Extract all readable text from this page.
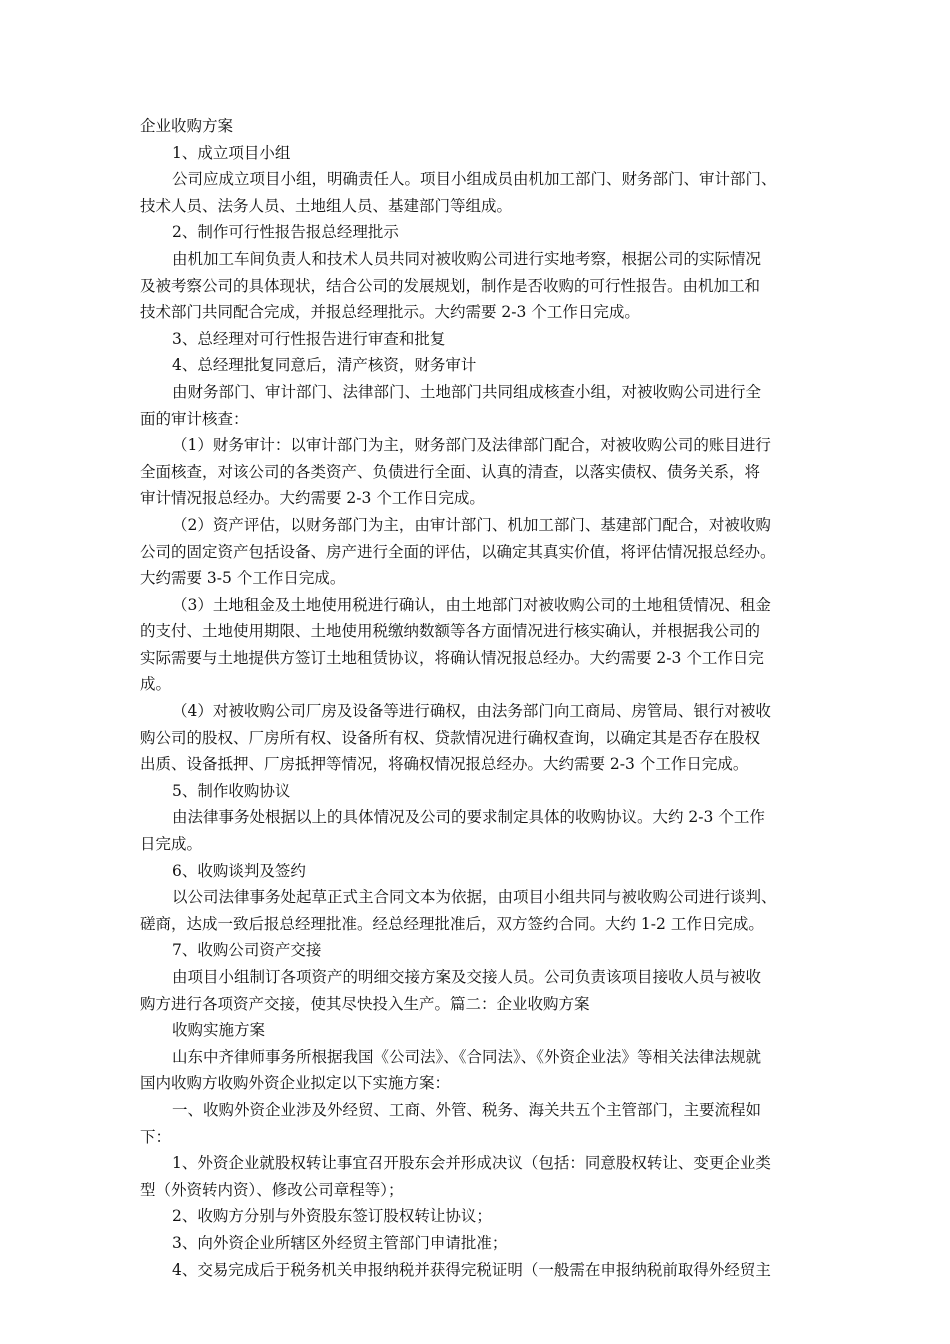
企业收购方案
1、成立项目小组
公司应成立项目小组，明确责任人。项目小组成员由机加工部门、财务部门、审计部门、
技术人员、法务人员、土地组人员、基建部门等组成。
2、制作可行性报告报总经理批示
由机加工车间负责人和技术人员共同对被收购公司进行实地考察，根据公司的实际情况
及被考察公司的具体现状，结合公司的发展规划，制作是否收购的可行性报告。由机加工和
技术部门共同配合完成，并报总经理批示。大约需要 2-3 个工作日完成。
3、总经理对可行性报告进行审查和批复
4、总经理批复同意后，清产核资，财务审计
由财务部门、审计部门、法律部门、土地部门共同组成核查小组，对被收购公司进行全
面的审计核查：
（1）财务审计：以审计部门为主，财务部门及法律部门配合，对被收购公司的账目进行
全面核查，对该公司的各类资产、负债进行全面、认真的清查，以落实债权、债务关系，将
审计情况报总经办。大约需要 2-3 个工作日完成。
（2）资产评估，以财务部门为主，由审计部门、机加工部门、基建部门配合，对被收购
公司的固定资产包括设备、房产进行全面的评估，以确定其真实价值，将评估情况报总经办。
大约需要 3-5 个工作日完成。
（3）土地租金及土地使用税进行确认，由土地部门对被收购公司的土地租赁情况、租金
的支付、土地使用期限、土地使用税缴纳数额等各方面情况进行核实确认，并根据我公司的
实际需要与土地提供方签订土地租赁协议，将确认情况报总经办。大约需要 2-3 个工作日完
成。
（4）对被收购公司厂房及设备等进行确权，由法务部门向工商局、房管局、银行对被收
购公司的股权、厂房所有权、设备所有权、贷款情况进行确权查询，以确定其是否存在股权
出质、设备抵押、厂房抵押等情况，将确权情况报总经办。大约需要 2-3 个工作日完成。
5、制作收购协议
由法律事务处根据以上的具体情况及公司的要求制定具体的收购协议。大约 2-3 个工作
日完成。
6、收购谈判及签约
以公司法律事务处起草正式主合同文本为依据，由项目小组共同与被收购公司进行谈判、
磋商，达成一致后报总经理批准。经总经理批准后，双方签约合同。大约 1-2 工作日完成。
7、收购公司资产交接
由项目小组制订各项资产的明细交接方案及交接人员。公司负责该项目接收人员与被收
购方进行各项资产交接，使其尽快投入生产。篇二：企业收购方案
收购实施方案
山东中齐律师事务所根据我国《公司法》、《合同法》、《外资企业法》等相关法律法规就
国内收购方收购外资企业拟定以下实施方案：
一、收购外资企业涉及外经贸、工商、外管、税务、海关共五个主管部门，主要流程如
下：
1、外资企业就股权转让事宜召开股东会并形成决议（包括：同意股权转让、变更企业类
型（外资转内资）、修改公司章程等）；
2、收购方分别与外资股东签订股权转让协议；
3、向外资企业所辖区外经贸主管部门申请批准；
4、交易完成后于税务机关申报纳税并获得完税证明（一般需在申报纳税前取得外经贸主
